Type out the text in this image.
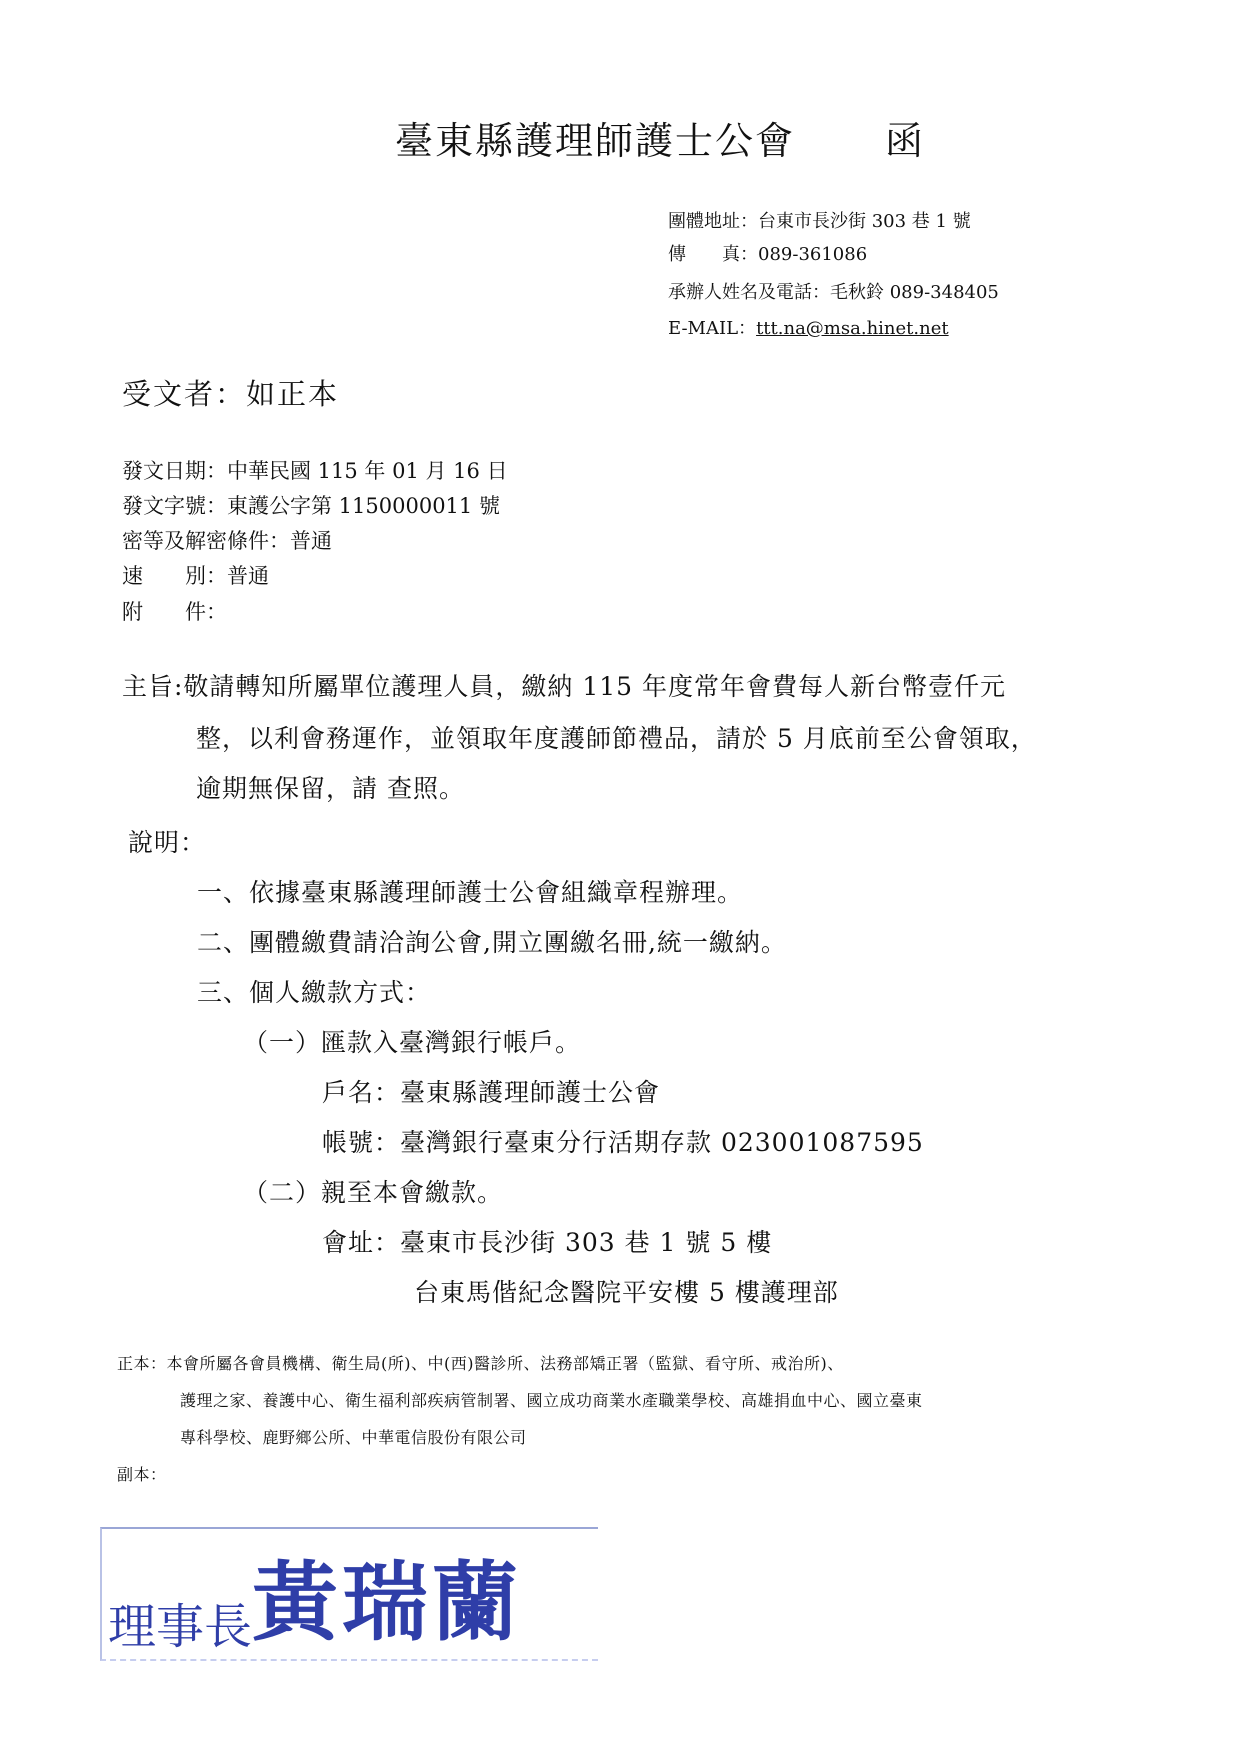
臺東縣護理師護士公會 函
團體地址：台東市長沙街 303 巷 1 號
傳　　真：089-361086
承辦人姓名及電話：毛秋鈴 089-348405
E-MAIL：ttt.na@msa.hinet.net
受文者：如正本
發文日期：中華民國 115 年 01 月 16 日
發文字號：東護公字第 1150000011 號
密等及解密條件：普通
速　　別：普通
附　　件：
主旨:敬請轉知所屬單位護理人員，繳納 115 年度常年會費每人新台幣壹仟元
整，以利會務運作，並領取年度護師節禮品，請於 5 月底前至公會領取，
逾期無保留，請 查照。
說明：
一、依據臺東縣護理師護士公會組織章程辦理。
二、團體繳費請洽詢公會,開立團繳名冊,統一繳納。
三、個人繳款方式：
（一）匯款入臺灣銀行帳戶。
戶名：臺東縣護理師護士公會
帳號：臺灣銀行臺東分行活期存款 023001087595
（二）親至本會繳款。
會址：臺東市長沙街 303 巷 1 號 5 樓
台東馬偕紀念醫院平安樓 5 樓護理部
正本：本會所屬各會員機構、衛生局(所)、中(西)醫診所、法務部矯正署（監獄、看守所、戒治所)、
護理之家、養護中心、衛生福利部疾病管制署、國立成功商業水產職業學校、高雄捐血中心、國立臺東
專科學校、鹿野鄉公所、中華電信股份有限公司
副本：
理事長黃瑞蘭
